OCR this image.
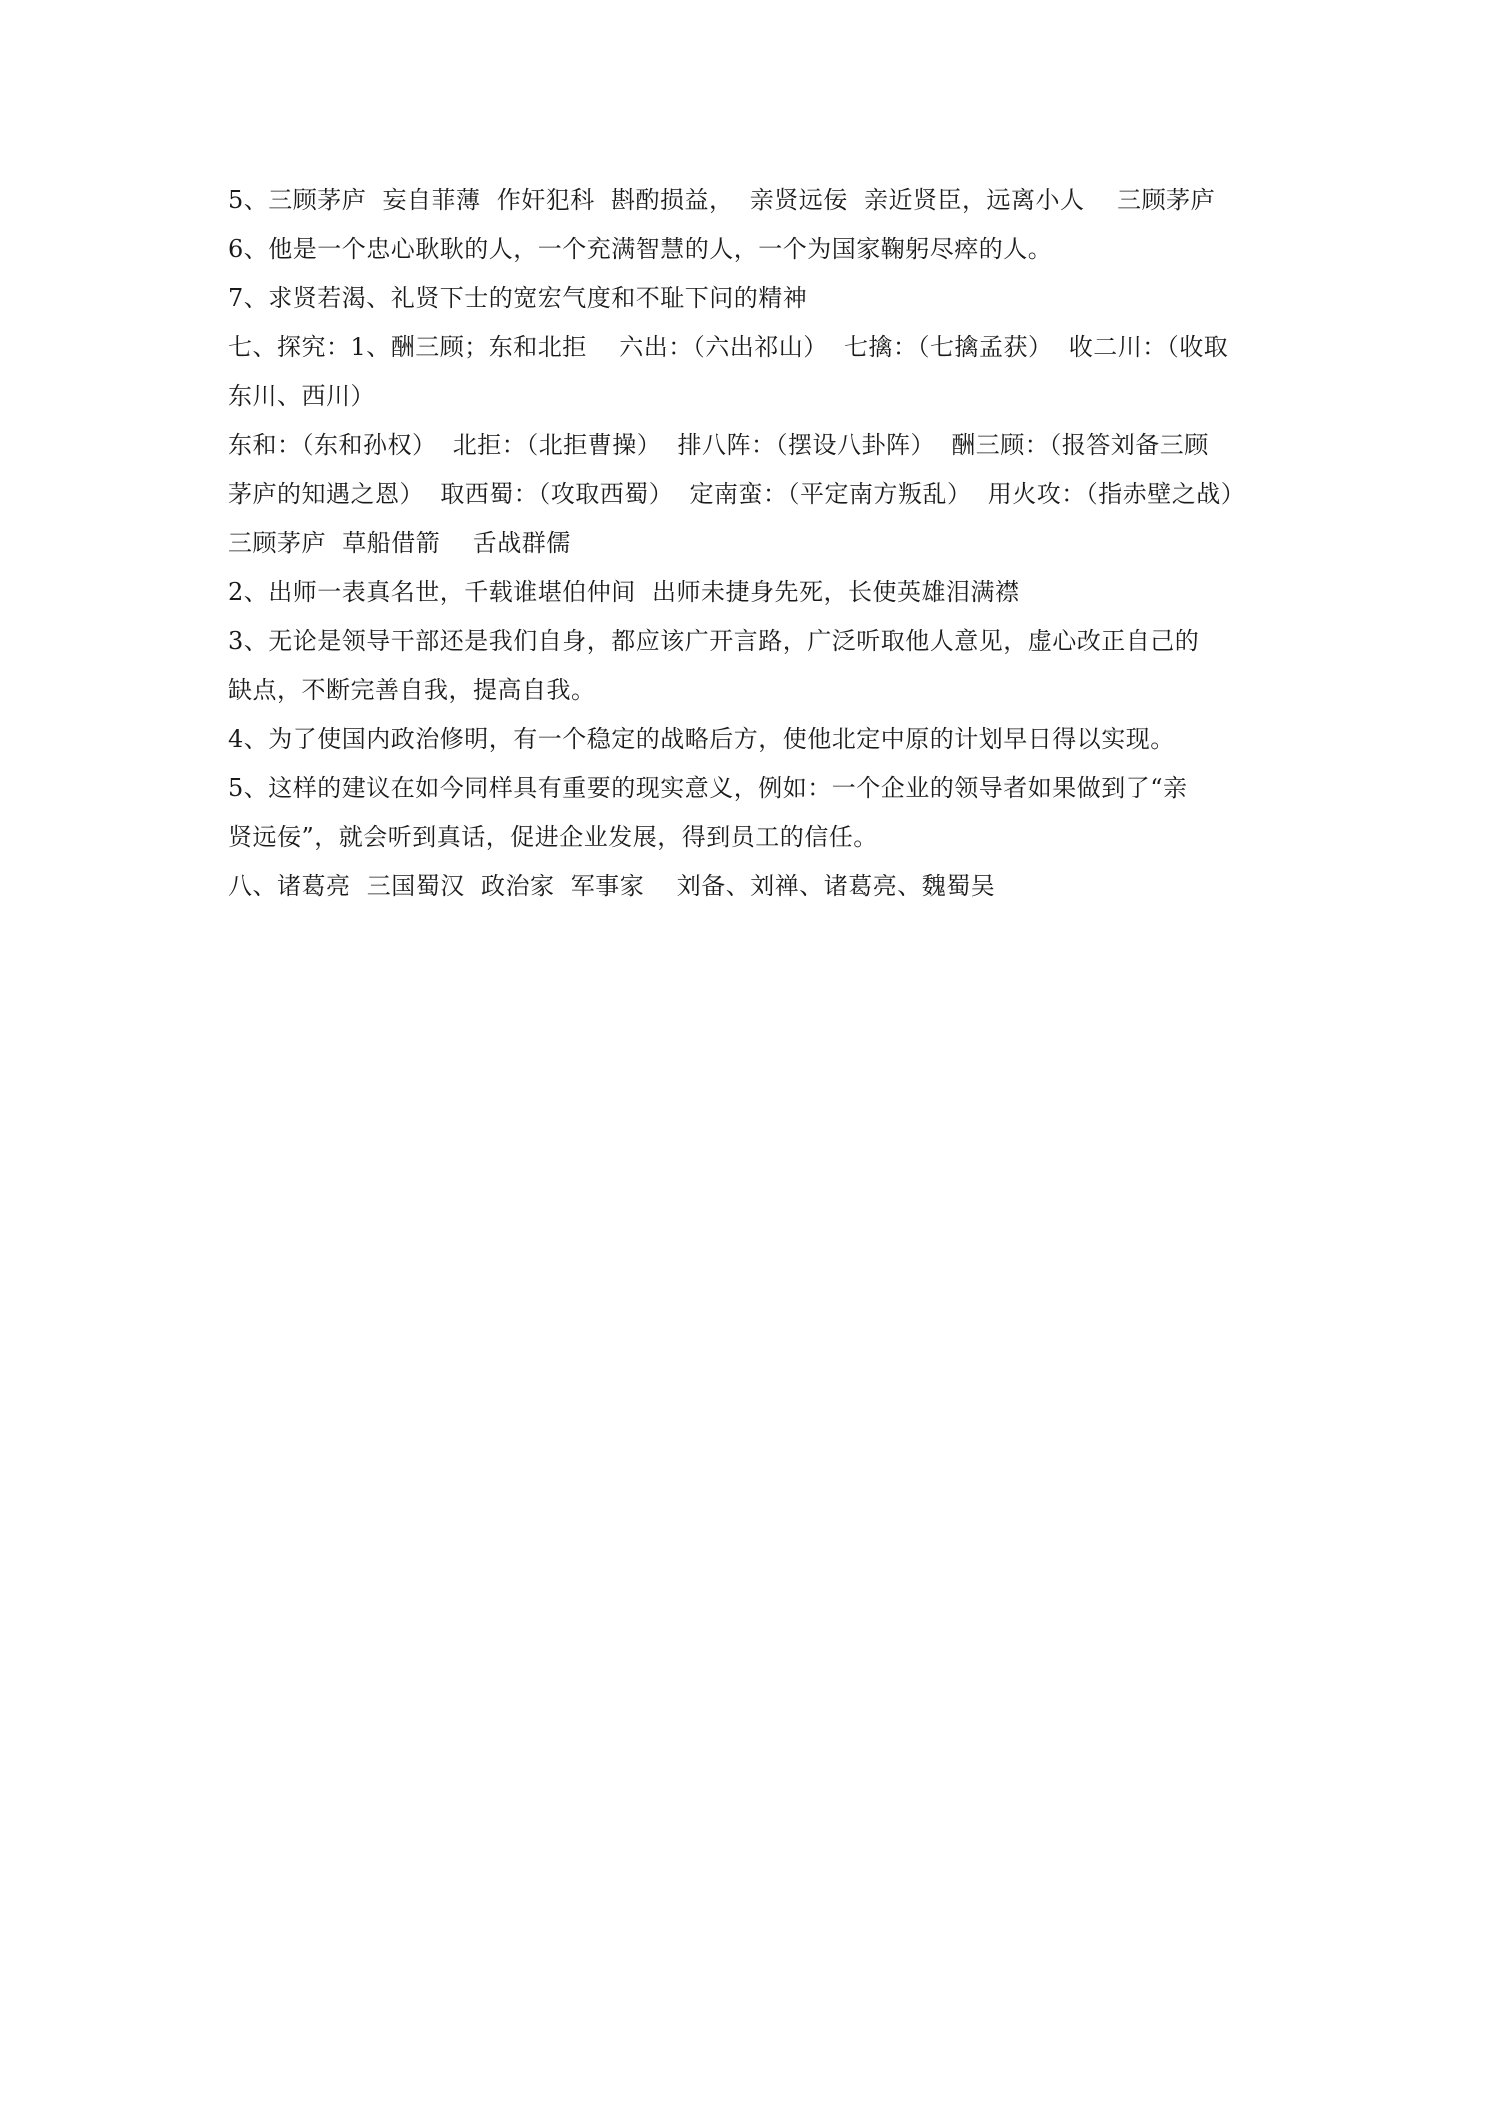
5、三顾茅庐  妄自菲薄  作奸犯科  斟酌损益，  亲贤远佞  亲近贤臣，远离小人    三顾茅庐
6、他是一个忠心耿耿的人，一个充满智慧的人，一个为国家鞠躬尽瘁的人。
7、求贤若渴、礼贤下士的宽宏气度和不耻下问的精神
七、探究：1、酬三顾；东和北拒    六出：（六出祁山）  七擒：（七擒孟获）  收二川：（收取
东川、西川）
东和：（东和孙权）  北拒：（北拒曹操）  排八阵：（摆设八卦阵）  酬三顾：（报答刘备三顾
茅庐的知遇之恩）  取西蜀：（攻取西蜀）  定南蛮：（平定南方叛乱）  用火攻：（指赤壁之战）
三顾茅庐  草船借箭    舌战群儒
2、出师一表真名世，千载谁堪伯仲间  出师未捷身先死，长使英雄泪满襟
3、无论是领导干部还是我们自身，都应该广开言路，广泛听取他人意见，虚心改正自己的
缺点，不断完善自我，提高自我。
4、为了使国内政治修明，有一个稳定的战略后方，使他北定中原的计划早日得以实现。
5、这样的建议在如今同样具有重要的现实意义，例如：一个企业的领导者如果做到了“亲
贤远佞”，就会听到真话，促进企业发展，得到员工的信任。
八、诸葛亮  三国蜀汉  政治家  军事家    刘备、刘禅、诸葛亮、魏蜀吴
